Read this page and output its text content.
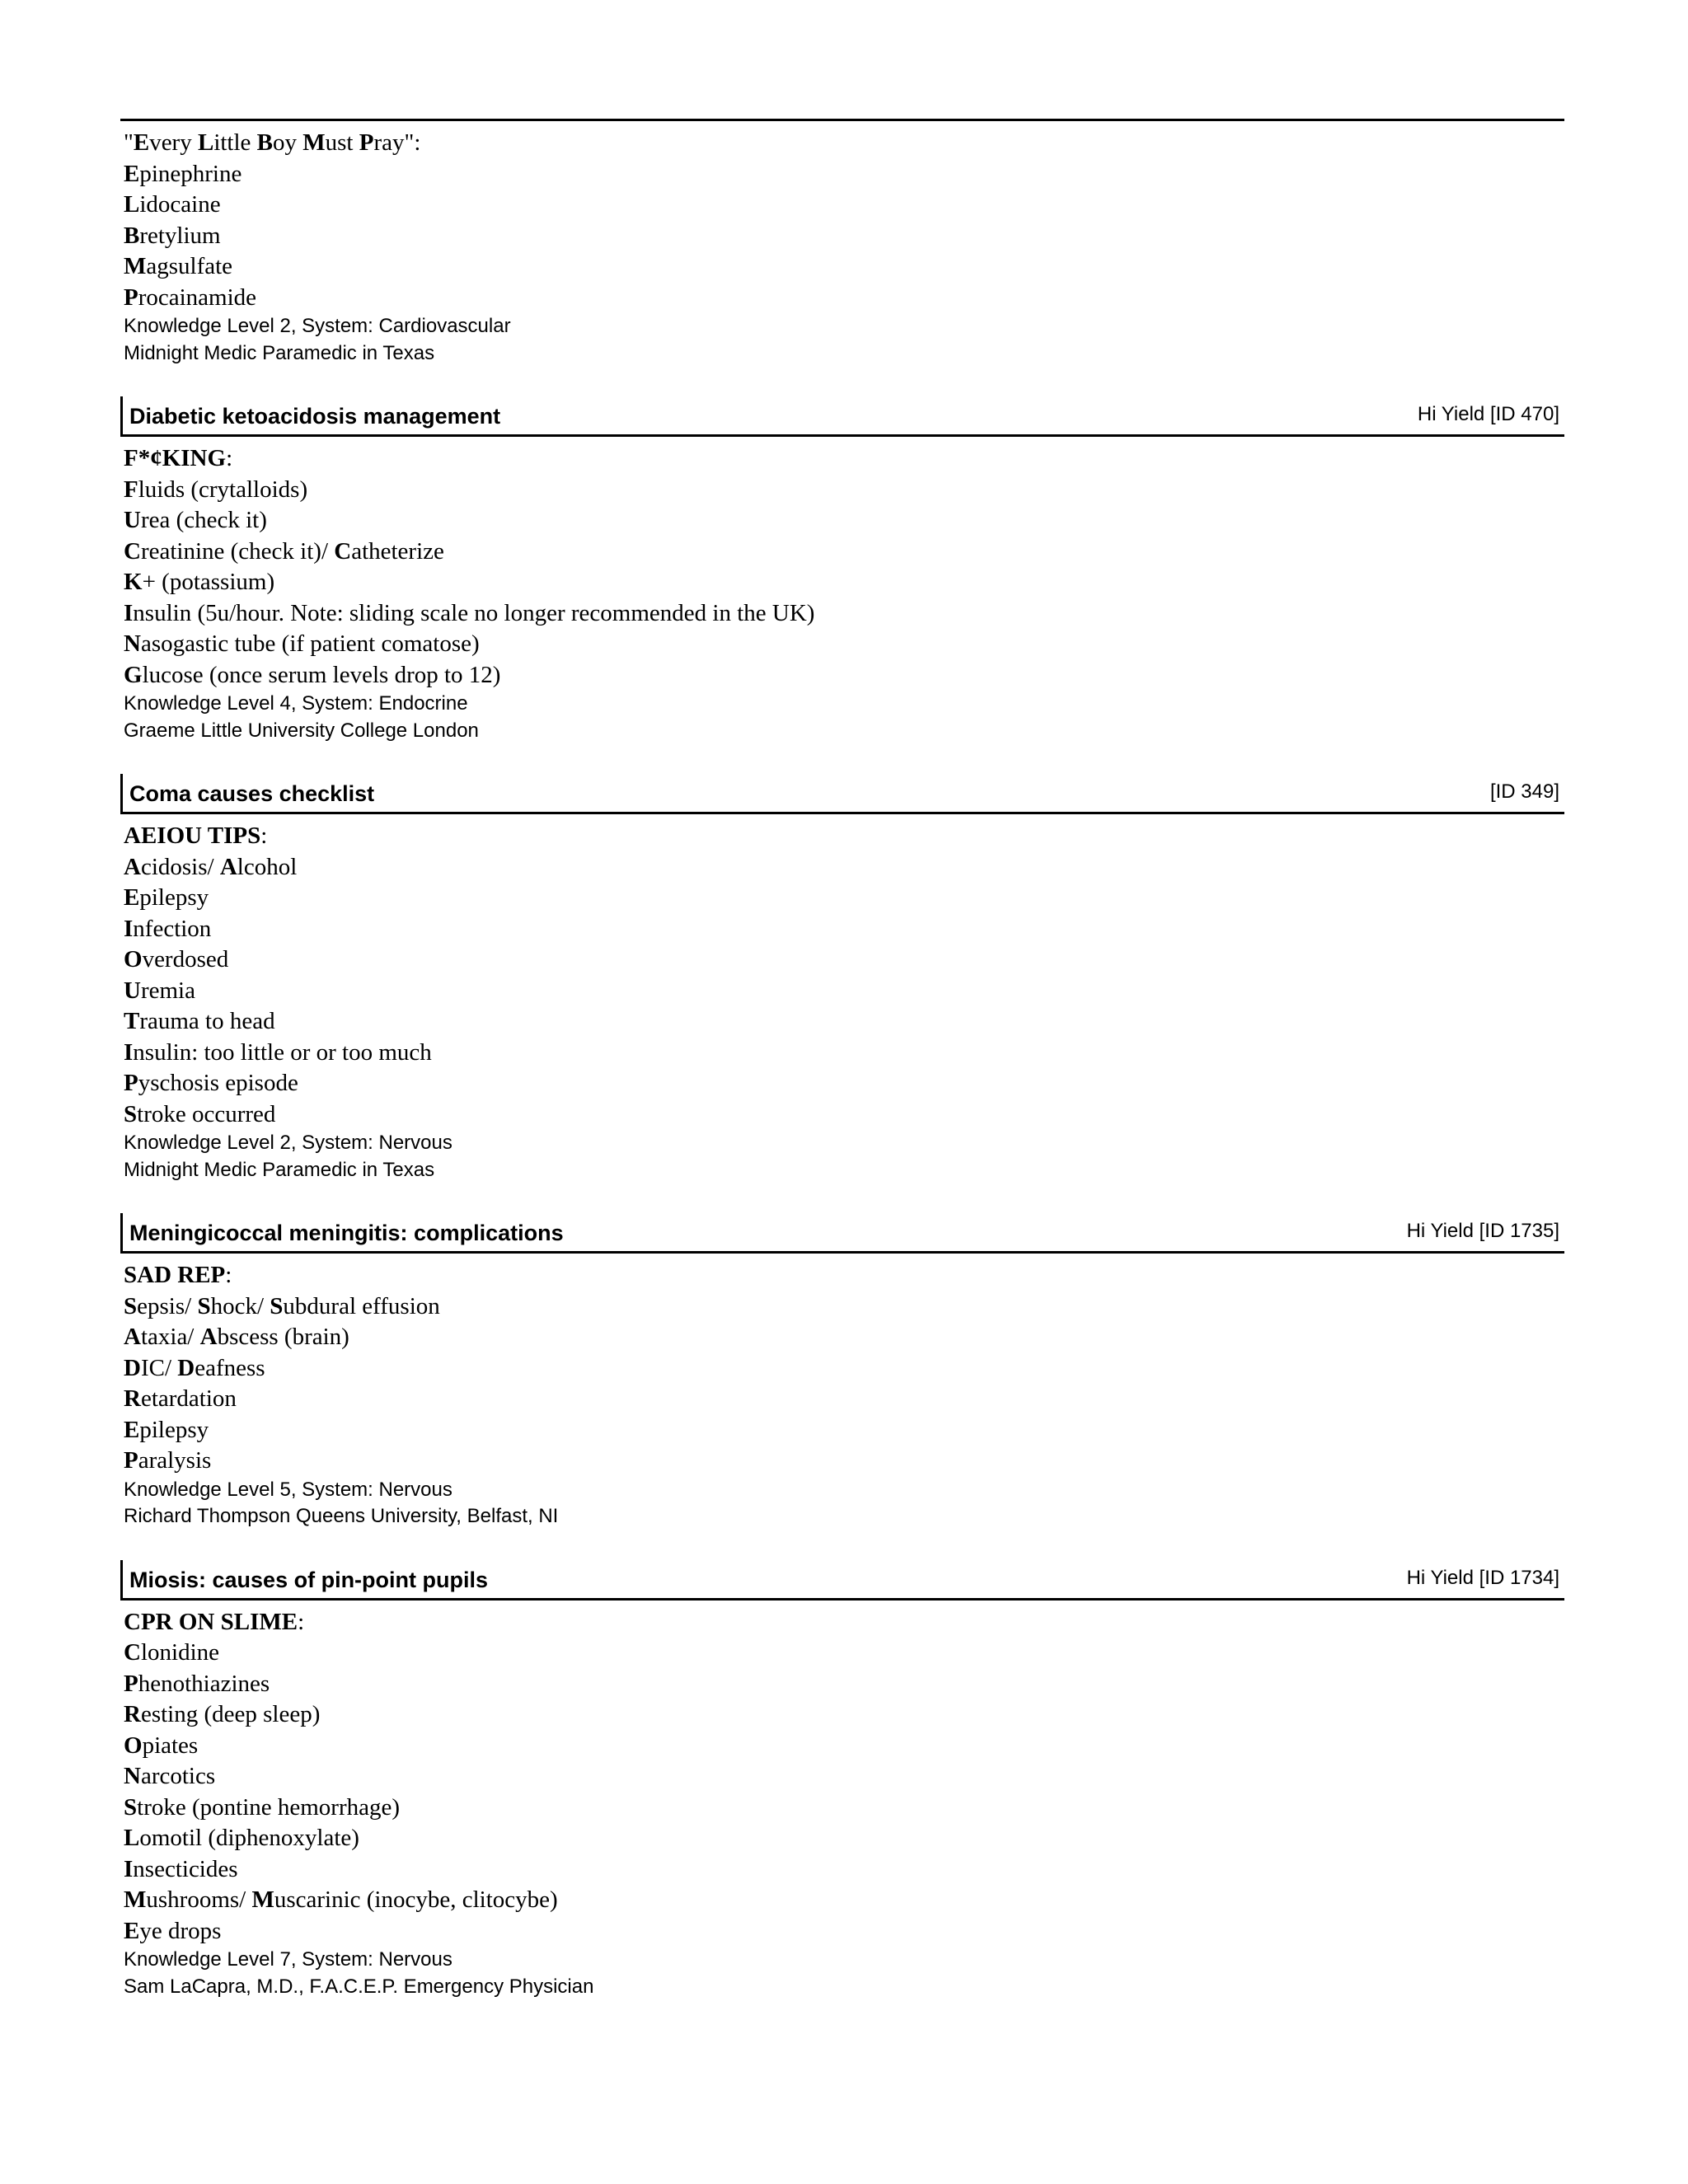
"Every Little Boy Must Pray":
Epinephrine
Lidocaine
Bretylium
Magsulfate
Procainamide
Knowledge Level 2, System: Cardiovascular
Midnight Medic Paramedic in Texas
Diabetic ketoacidosis management	Hi Yield [ID 470]
F*¢KING:
Fluids (crytalloids)
Urea (check it)
Creatinine (check it)/ Catheterize
K+ (potassium)
Insulin (5u/hour. Note: sliding scale no longer recommended in the UK)
Nasogastic tube (if patient comatose)
Glucose (once serum levels drop to 12)
Knowledge Level 4, System: Endocrine
Graeme Little University College London
Coma causes checklist	[ID 349]
AEIOU TIPS:
Acidosis/ Alcohol
Epilepsy
Infection
Overdosed
Uremia
Trauma to head
Insulin: too little or or too much
Pyschosis episode
Stroke occurred
Knowledge Level 2, System: Nervous
Midnight Medic Paramedic in Texas
Meningicoccal meningitis: complications	Hi Yield [ID 1735]
SAD REP:
Sepsis/ Shock/ Subdural effusion
Ataxia/ Abscess (brain)
DIC/ Deafness
Retardation
Epilepsy
Paralysis
Knowledge Level 5, System: Nervous
Richard Thompson Queens University, Belfast, NI
Miosis: causes of pin-point pupils	Hi Yield [ID 1734]
CPR ON SLIME:
Clonidine
Phenothiazines
Resting (deep sleep)
Opiates
Narcotics
Stroke (pontine hemorrhage)
Lomotil (diphenoxylate)
Insecticides
Mushrooms/ Muscarinic (inocybe, clitocybe)
Eye drops
Knowledge Level 7, System: Nervous
Sam LaCapra, M.D., F.A.C.E.P. Emergency Physician
